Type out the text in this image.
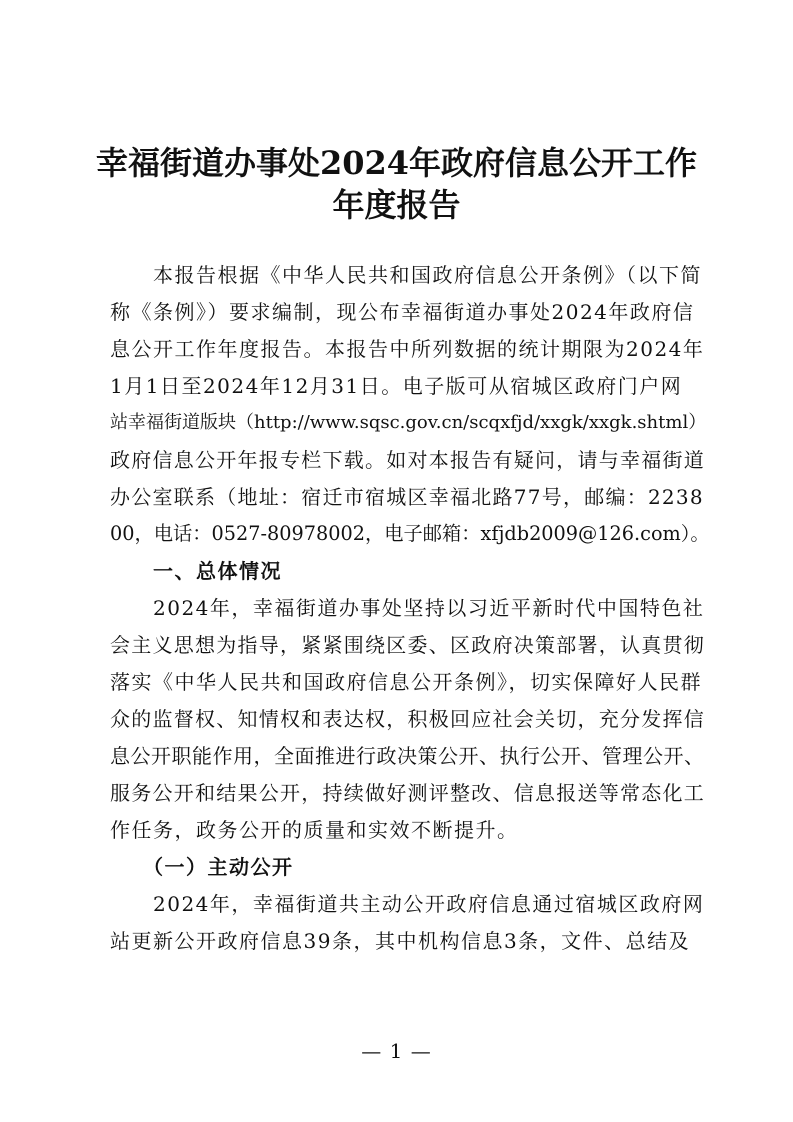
幸福街道办事处2024年政府信息公开工作
年度报告
　　本报告根据《中华人民共和国政府信息公开条例》（以下简
称《条例》）要求编制，现公布幸福街道办事处2024年政府信
息公开工作年度报告。本报告中所列数据的统计期限为2024年
1月1日至2024年12月31日。电子版可从宿城区政府门户网
站幸福街道版块（http://www.sqsc.gov.cn/scqxfjd/xxgk/xxgk.shtml）
政府信息公开年报专栏下载。如对本报告有疑问，请与幸福街道
办公室联系（地址：宿迁市宿城区幸福北路77号，邮编：2238
00，电话：0527-80978002，电子邮箱：xfjdb2009@126.com）。
　　一、总体情况
　　2024年，幸福街道办事处坚持以习近平新时代中国特色社
会主义思想为指导，紧紧围绕区委、区政府决策部署，认真贯彻
落实《中华人民共和国政府信息公开条例》，切实保障好人民群
众的监督权、知情权和表达权，积极回应社会关切，充分发挥信
息公开职能作用，全面推进行政决策公开、执行公开、管理公开、
服务公开和结果公开，持续做好测评整改、信息报送等常态化工
作任务，政务公开的质量和实效不断提升。
　　（一）主动公开
　　2024年，幸福街道共主动公开政府信息通过宿城区政府网
站更新公开政府信息39条，其中机构信息3条，文件、总结及
— 1 —
